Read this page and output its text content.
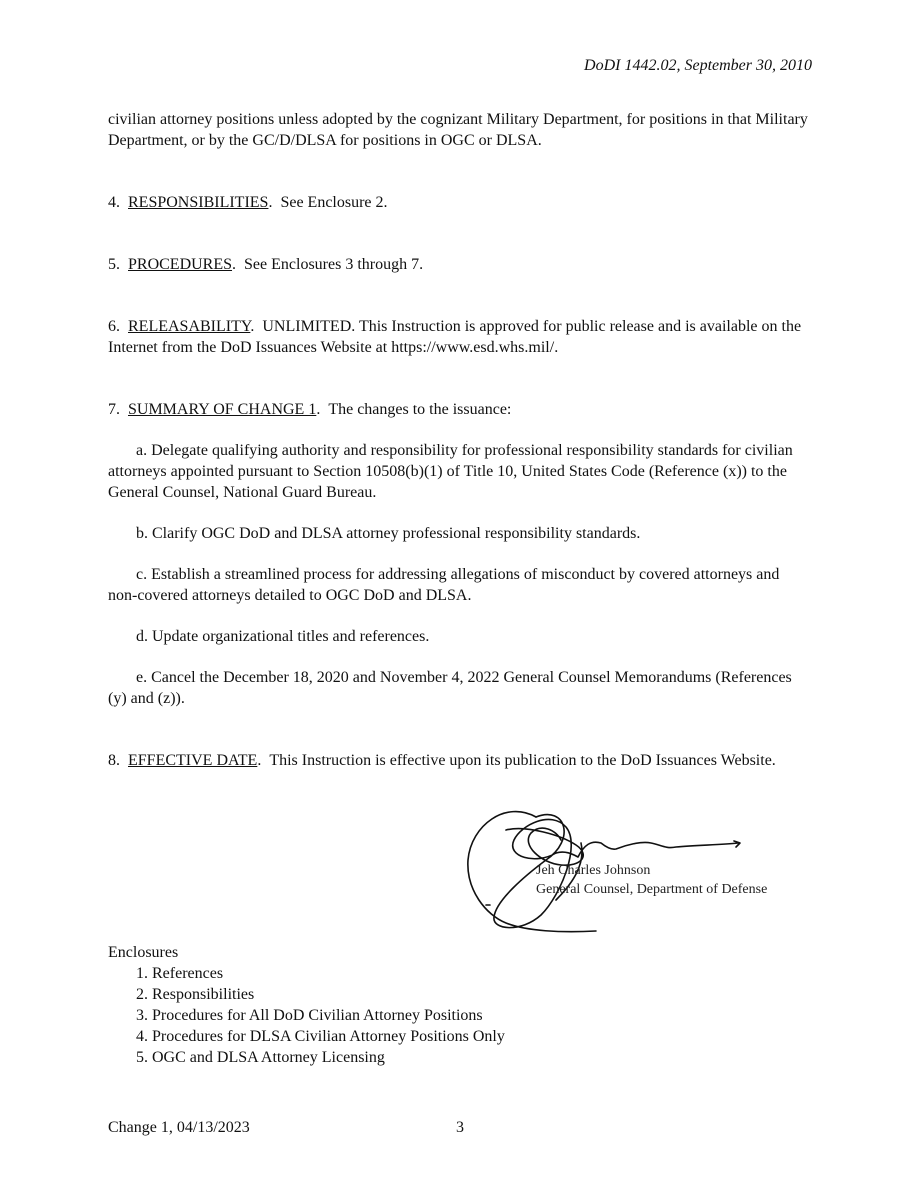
DoDI 1442.02, September 30, 2010

civilian attorney positions unless adopted by the cognizant Military Department, for positions in that Military Department, or by the GC/D/DLSA for positions in OGC or DLSA.

4. RESPONSIBILITIES.  See Enclosure 2.

5. PROCEDURES.  See Enclosures 3 through 7.

6. RELEASABILITY.  UNLIMITED. This Instruction is approved for public release and is available on the Internet from the DoD Issuances Website at https://www.esd.whs.mil/.

7. SUMMARY OF CHANGE 1.  The changes to the issuance:

a. Delegate qualifying authority and responsibility for professional responsibility standards for civilian attorneys appointed pursuant to Section 10508(b)(1) of Title 10, United States Code (Reference (x)) to the General Counsel, National Guard Bureau.

b. Clarify OGC DoD and DLSA attorney professional responsibility standards.

c. Establish a streamlined process for addressing allegations of misconduct by covered attorneys and non-covered attorneys detailed to OGC DoD and DLSA.

d. Update organizational titles and references.

e. Cancel the December 18, 2020 and November 4, 2022 General Counsel Memorandums (References (y) and (z)).

8. EFFECTIVE DATE.  This Instruction is effective upon its publication to the DoD Issuances Website.

Jeh Charles Johnson
General Counsel, Department of Defense
Enclosures
1. References
2. Responsibilities
3. Procedures for All DoD Civilian Attorney Positions
4. Procedures for DLSA Civilian Attorney Positions Only
5. OGC and DLSA Attorney Licensing
Change 1, 04/13/2023	3
